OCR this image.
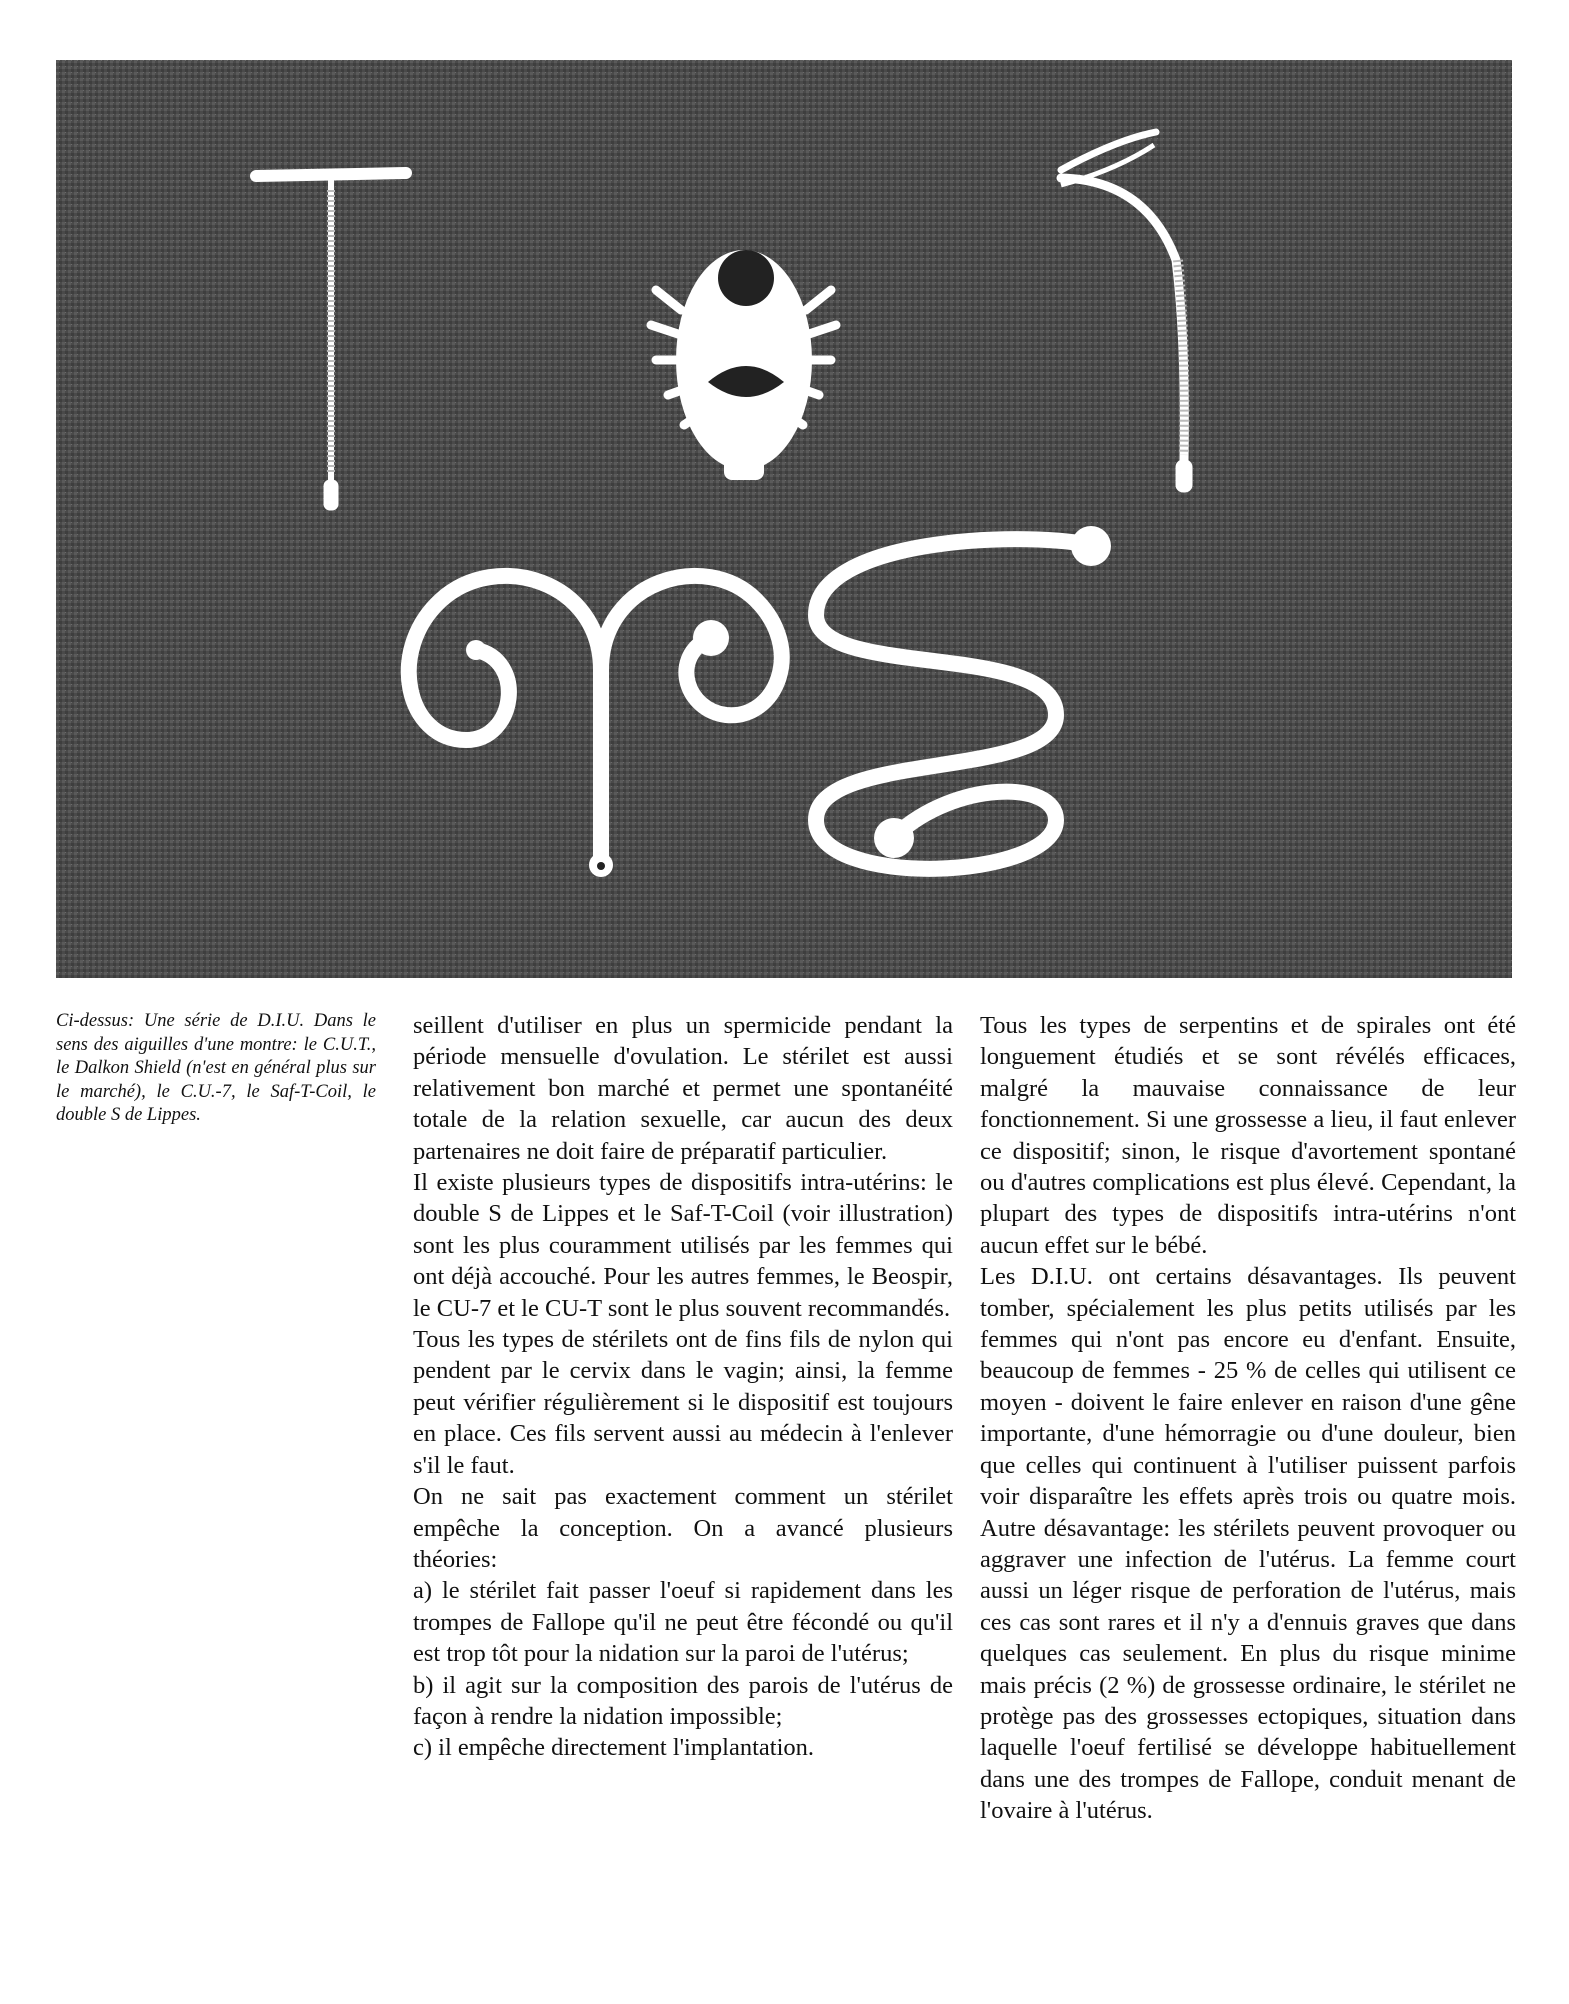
Ci-dessus: Une série de D.I.U. Dans le sens des aiguilles d'une montre: le C.U.T., le Dalkon Shield (n'est en général plus sur le marché), le C.U.-7, le Saf-T-Coil, le double S de Lippes.

seillent d'utiliser en plus un spermicide pendant la période mensuelle d'ovulation. Le stérilet est aussi relativement bon marché et permet une spontanéité totale de la relation sexuelle, car aucun des deux partenaires ne doit faire de préparatif particulier.

Il existe plusieurs types de dispositifs intra-utérins: le double S de Lippes et le Saf-T-Coil (voir illustration) sont les plus couramment utilisés par les femmes qui ont déjà accouché. Pour les autres femmes, le Beospir, le CU-7 et le CU-T sont le plus souvent recommandés.

Tous les types de stérilets ont de fins fils de nylon qui pendent par le cervix dans le vagin; ainsi, la femme peut vérifier régulièrement si le dispositif est toujours en place. Ces fils servent aussi au médecin à l'enlever s'il le faut.

On ne sait pas exactement comment un stérilet empêche la conception. On a avancé plusieurs théories:

a) le stérilet fait passer l'oeuf si rapidement dans les trompes de Fallope qu'il ne peut être fécondé ou qu'il est trop tôt pour la nidation sur la paroi de l'utérus;

b) il agit sur la composition des parois de l'utérus de façon à rendre la nidation impossible;

c) il empêche directement l'implantation.

Tous les types de serpentins et de spirales ont été longuement étudiés et se sont révélés efficaces, malgré la mauvaise connaissance de leur fonctionnement. Si une grossesse a lieu, il faut enlever ce dispositif; sinon, le risque d'avortement spontané ou d'autres complications est plus élevé. Cependant, la plupart des types de dispositifs intra-utérins n'ont aucun effet sur le bébé.

Les D.I.U. ont certains désavantages. Ils peuvent tomber, spécialement les plus petits utilisés par les femmes qui n'ont pas encore eu d'enfant. Ensuite, beaucoup de femmes - 25 % de celles qui utilisent ce moyen - doivent le faire enlever en raison d'une gêne importante, d'une hémorragie ou d'une douleur, bien que celles qui continuent à l'utiliser puissent parfois voir disparaître les effets après trois ou quatre mois. Autre désavantage: les stérilets peuvent provoquer ou aggraver une infection de l'utérus. La femme court aussi un léger risque de perforation de l'utérus, mais ces cas sont rares et il n'y a d'ennuis graves que dans quelques cas seulement. En plus du risque minime mais précis (2 %) de grossesse ordinaire, le stérilet ne protège pas des grossesses ectopiques, situation dans laquelle l'oeuf fertilisé se développe habituellement dans une des trompes de Fallope, conduit menant de l'ovaire à l'utérus.
